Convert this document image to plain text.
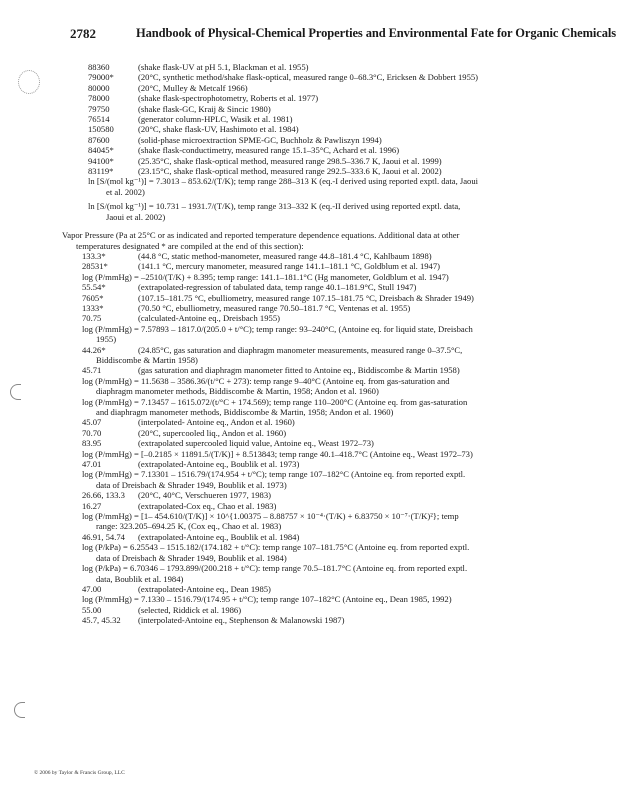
2782	Handbook of Physical-Chemical Properties and Environmental Fate for Organic Chemicals
88360	(shake flask-UV at pH 5.1, Blackman et al. 1955)
79000*	(20°C, synthetic method/shake flask-optical, measured range 0–68.3°C, Ericksen & Dobbert 1955)
80000	(20°C, Mulley & Metcalf 1966)
78000	(shake flask-spectrophotometry, Roberts et al. 1977)
79750	(shake flask-GC, Kraij & Sincic 1980)
76514	(generator column-HPLC, Wasik et al. 1981)
150580	(20°C, shake flask-UV, Hashimoto et al. 1984)
87600	(solid-phase microextraction SPME-GC, Buchholz & Pawliszyn 1994)
84045*	(shake flask-conductimetry, measured range 15.1–35°C, Achard et al. 1996)
94100*	(25.35°C, shake flask-optical method, measured range 298.5–336.7 K, Jaoui et al. 1999)
83119*	(23.15°C, shake flask-optical method, measured range 292.5–333.6 K, Jaoui et al. 2002)
ln [S/(mol kg⁻¹)] = 7.3013 – 853.62/(T/K); temp range 288–313 K (eq.-I derived using reported exptl. data, Jaoui
et al. 2002)
ln [S/(mol kg⁻¹)] = 10.731 – 1931.7/(T/K), temp range 313–332 K (eq.-II derived using reported exptl. data,
Jaoui et al. 2002)
Vapor Pressure (Pa at 25°C or as indicated and reported temperature dependence equations. Additional data at other
temperatures designated * are compiled at the end of this section):
133.3*	(44.8 °C, static method-manometer, measured range 44.8–181.4 °C, Kahlbaum 1898)
28531*	(141.1 °C, mercury manometer, measured range 141.1–181.1 °C, Goldblum et al. 1947)
log (P/mmHg) = –2510/(T/K) + 8.395; temp range: 141.1–181.1°C (Hg manometer, Goldblum et al. 1947)
55.54*	(extrapolated-regression of tabulated data, temp range 40.1–181.9°C, Stull 1947)
7605*	(107.15–181.75 °C, ebulliometry, measured range 107.15–181.75 °C, Dreisbach & Shrader 1949)
1333*	(70.50 °C, ebulliometry, measured range 70.50–181.7 °C, Ventenas et al. 1955)
70.75	(calculated-Antoine eq., Dreisbach 1955)
log (P/mmHg) = 7.57893 – 1817.0/(205.0 + t/°C); temp range: 93–240°C, (Antoine eq. for liquid state, Dreisbach
1955)
44.26*	(24.85°C, gas saturation and diaphragm manometer measurements, measured range 0–37.5°C,
Biddiscombe & Martin 1958)
45.71	(gas saturation and diaphragm manometer fitted to Antoine eq., Biddiscombe & Martin 1958)
log (P/mmHg) = 11.5638 – 3586.36/(t/°C + 273): temp range 9–40°C (Antoine eq. from gas-saturation and
diaphragm manometer methods, Biddiscombe & Martin, 1958; Andon et al. 1960)
log (P/mmHg) = 7.13457 – 1615.072/(t/°C + 174.569); temp range 110–200°C (Antoine eq. from gas-saturation
and diaphragm manometer methods, Biddiscombe & Martin, 1958; Andon et al. 1960)
45.07	(interpolated- Antoine eq., Andon et al. 1960)
70.70	(20°C, supercooled liq., Andon et al. 1960)
83.95	(extrapolated supercooled liquid value, Antoine eq., Weast 1972–73)
log (P/mmHg) = [–0.2185 × 11891.5/(T/K)] + 8.513843; temp range 40.1–418.7°C (Antoine eq., Weast 1972–73)
47.01	(extrapolated-Antoine eq., Boublik et al. 1973)
log (P/mmHg) = 7.13301 – 1516.79/(174.954 + t/°C); temp range 107–182°C (Antoine eq. from reported exptl.
data of Dreisbach & Shrader 1949, Boublik et al. 1973)
26.66, 133.3	(20°C, 40°C, Verschueren 1977, 1983)
16.27	(extrapolated-Cox eq., Chao et al. 1983)
log (P/mmHg) = [1– 454.610/(T/K)] × 10^{1.00375 – 8.88757 × 10⁻⁴·(T/K) + 6.83750 × 10⁻⁷·(T/K)²}; temp
range: 323.205–694.25 K, (Cox eq., Chao et al. 1983)
46.91, 54.74	(extrapolated-Antoine eq., Boublik et al. 1984)
log (P/kPa) = 6.25543 – 1515.182/(174.182 + t/°C): temp range 107–181.75°C (Antoine eq. from reported exptl.
data of Dreisbach & Shrader 1949, Boublik et al. 1984)
log (P/kPa) = 6.70346 – 1793.899/(200.218 + t/°C): temp range 70.5–181.7°C (Antoine eq. from reported exptl.
data, Boublik et al. 1984)
47.00	(extrapolated-Antoine eq., Dean 1985)
log (P/mmHg) = 7.1330 – 1516.79/(174.95 + t/°C); temp range 107–182°C (Antoine eq., Dean 1985, 1992)
55.00	(selected, Riddick et al. 1986)
45.7, 45.32	(interpolated-Antoine eq., Stephenson & Malanowski 1987)
© 2006 by Taylor & Francis Group, LLC
